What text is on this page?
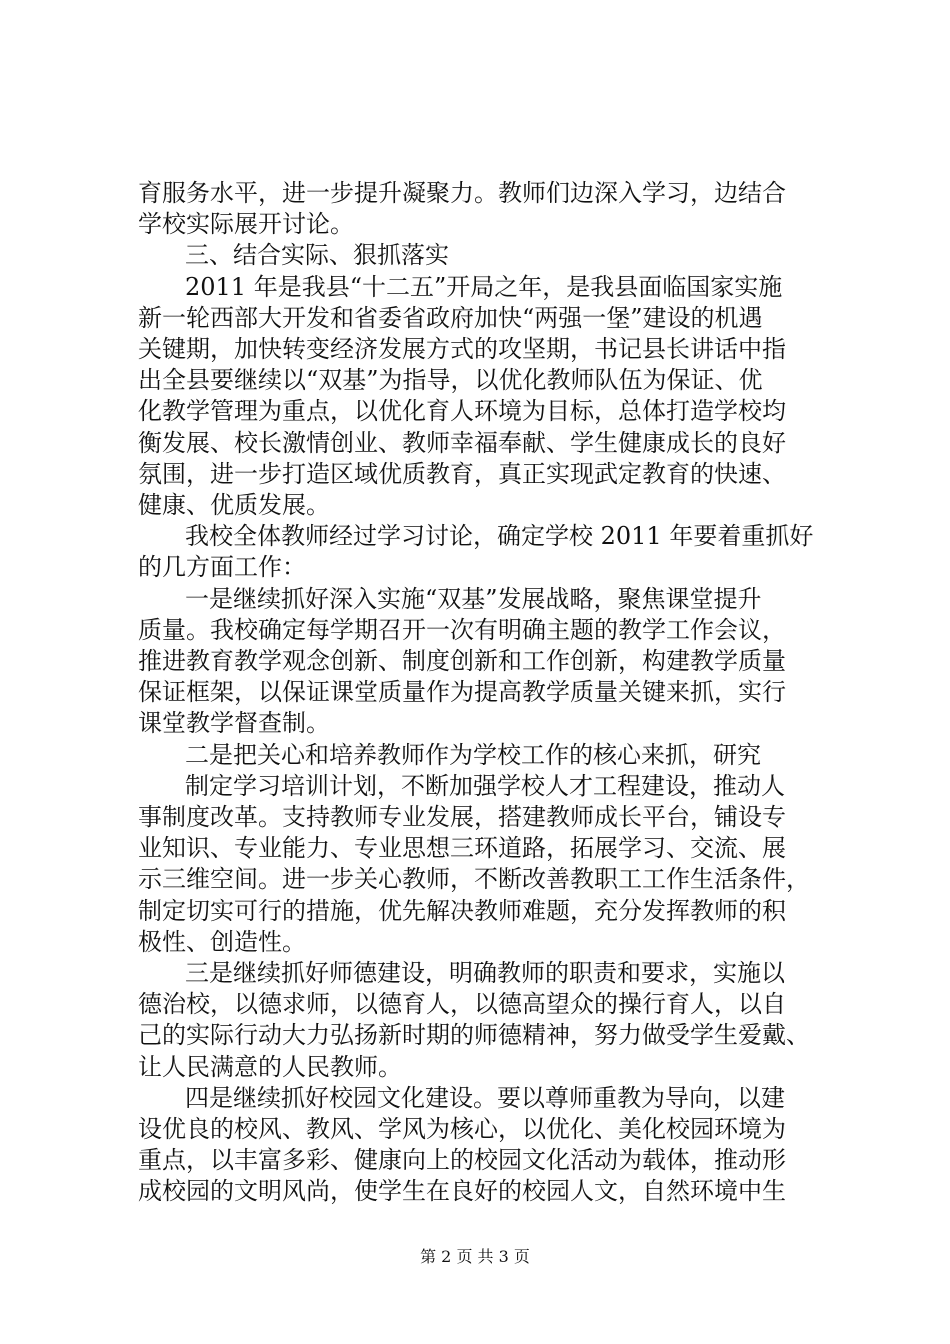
育服务水平，进一步提升凝聚力。教师们边深入学习，边结合

学校实际展开讨论。

三、结合实际、狠抓落实

2011 年是我县“十二五”开局之年，是我县面临国家实施

新一轮西部大开发和省委省政府加快“两强一堡”建设的机遇

关键期，加快转变经济发展方式的攻坚期，书记县长讲话中指

出全县要继续以“双基”为指导，以优化教师队伍为保证、优

化教学管理为重点，以优化育人环境为目标，总体打造学校均

衡发展、校长激情创业、教师幸福奉献、学生健康成长的良好

氛围，进一步打造区域优质教育，真正实现武定教育的快速、

健康、优质发展。

我校全体教师经过学习讨论，确定学校 2011 年要着重抓好

的几方面工作：

一是继续抓好深入实施“双基”发展战略，聚焦课堂提升

质量。我校确定每学期召开一次有明确主题的教学工作会议，

推进教育教学观念创新、制度创新和工作创新，构建教学质量

保证框架，以保证课堂质量作为提高教学质量关键来抓，实行

课堂教学督查制。

二是把关心和培养教师作为学校工作的核心来抓，研究

制定学习培训计划，不断加强学校人才工程建设，推动人

事制度改革。支持教师专业发展，搭建教师成长平台，铺设专

业知识、专业能力、专业思想三环道路，拓展学习、交流、展

示三维空间。进一步关心教师，不断改善教职工工作生活条件，

制定切实可行的措施，优先解决教师难题，充分发挥教师的积

极性、创造性。

三是继续抓好师德建设，明确教师的职责和要求，实施以

德治校，以德求师，以德育人，以德高望众的操行育人，以自

己的实际行动大力弘扬新时期的师德精神，努力做受学生爱戴、

让人民满意的人民教师。

四是继续抓好校园文化建设。要以尊师重教为导向，以建

设优良的校风、教风、学风为核心，以优化、美化校园环境为

重点，以丰富多彩、健康向上的校园文化活动为载体，推动形

成校园的文明风尚，使学生在良好的校园人文，自然环境中生

第 2 页 共 3 页
